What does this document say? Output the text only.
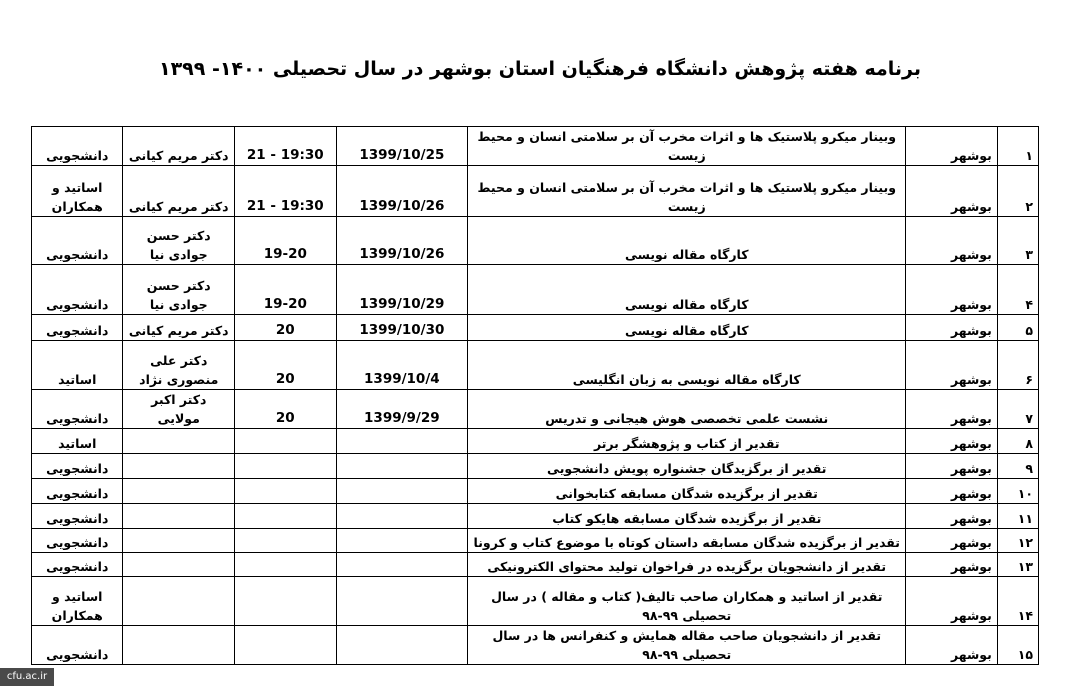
برنامه هفته پژوهش دانشگاه فرهنگیان استان بوشهر در سال تحصیلی ۱۴۰۰- ۱۳۹۹
۱	بوشهر	وبینار میکرو پلاستیک ها و اثرات مخرب آن بر سلامتی انسان و محیط زیست	1399/10/25	19:30 - 21	دکتر مریم کیانی	دانشجویی
۲	بوشهر	وبینار میکرو پلاستیک ها و اثرات مخرب آن بر سلامتی انسان و محیط زیست	1399/10/26	19:30 - 21	دکتر مریم کیانی	اساتید و همکاران
۳	بوشهر	کارگاه مقاله نویسی	1399/10/26	19-20	دکتر حسن جوادی نیا	دانشجویی
۴	بوشهر	کارگاه مقاله نویسی	1399/10/29	19-20	دکتر حسن جوادی نیا	دانشجویی
۵	بوشهر	کارگاه مقاله نویسی	1399/10/30	20	دکتر مریم کیانی	دانشجویی
۶	بوشهر	کارگاه مقاله نویسی به زبان انگلیسی	1399/10/4	20	دکتر علی منصوری نژاد	اساتید
۷	بوشهر	نشست علمی تخصصی هوش هیجانی و تدریس	1399/9/29	20	دکتر اکبر مولایی	دانشجویی
۸	بوشهر	تقدیر از کتاب و پژوهشگر برتر				اساتید
۹	بوشهر	تقدیر از برگزیدگان جشنواره پویش دانشجویی				دانشجویی
۱۰	بوشهر	تقدیر از برگزیده شدگان مسابقه کتابخوانی				دانشجویی
۱۱	بوشهر	تقدیر از برگزیده شدگان مسابقه هایکو کتاب				دانشجویی
۱۲	بوشهر	تقدیر از برگزیده شدگان مسابقه داستان کوتاه با موضوع کتاب و کرونا				دانشجویی
۱۳	بوشهر	تقدیر از دانشجویان برگزیده در فراخوان تولید محتوای الکترونیکی				دانشجویی
۱۴	بوشهر	تقدیر از اساتید و همکاران صاحب تالیف( کتاب و مقاله ) در سال تحصیلی ۹۹-۹۸				اساتید و همکاران
۱۵	بوشهر	تقدیر از دانشجویان صاحب مقاله همایش و کنفرانس ها در سال تحصیلی ۹۹-۹۸				دانشجویی
cfu.ac.ir
